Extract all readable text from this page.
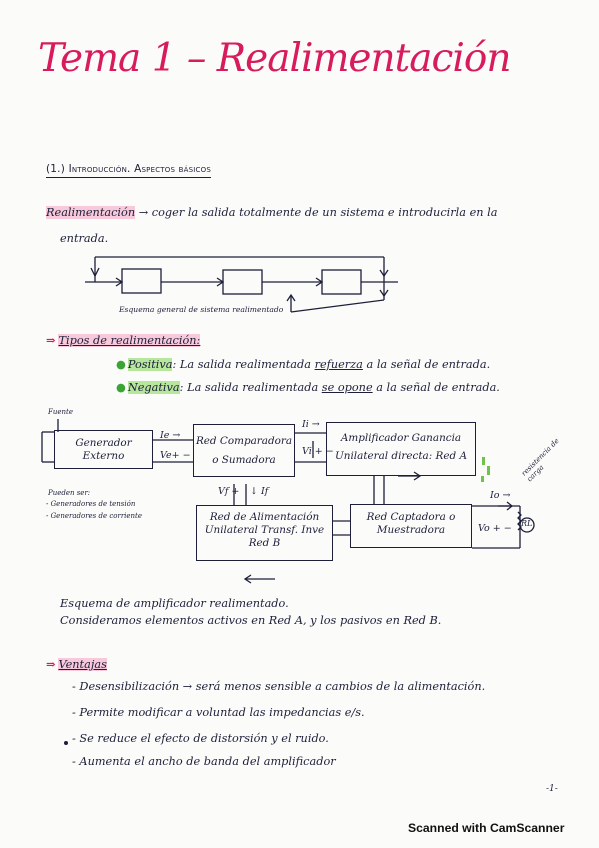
Tema 1 – Realimentación
(1.) Introducción. Aspectos básicos
Realimentación → coger la salida totalmente de un sistema e introducirla en la
entrada.
Esquema general de sistema realimentado
⇒ Tipos de realimentación:
● Positiva: La salida realimentada refuerza a la señal de entrada.
● Negativa: La salida realimentada se opone a la señal de entrada.
Fuente
Generador
Externo
Ie →
Ve+ −
Red Comparadora
o Sumadora
Ii →
Vi + −
Amplificador Ganancia
Unilateral directa: Red A
Vf + ↓ If
Red de Alimentación
Unilateral Transf. Inve
Red B
Red Captadora o
Muestradora
Io →
Vo + − RL
resistencia de carga
Pueden ser:
- Generadores de tensión
- Generadores de corriente
Esquema de amplificador realimentado.
Consideramos elementos activos en Red A, y los pasivos en Red B.
⇒ Ventajas
- Desensibilización → será menos sensible a cambios de la alimentación.
- Permite modificar a voluntad las impedancias e/s.
- Se reduce el efecto de distorsión y el ruido.
- Aumenta el ancho de banda del amplificador
-1-
Scanned with CamScanner
